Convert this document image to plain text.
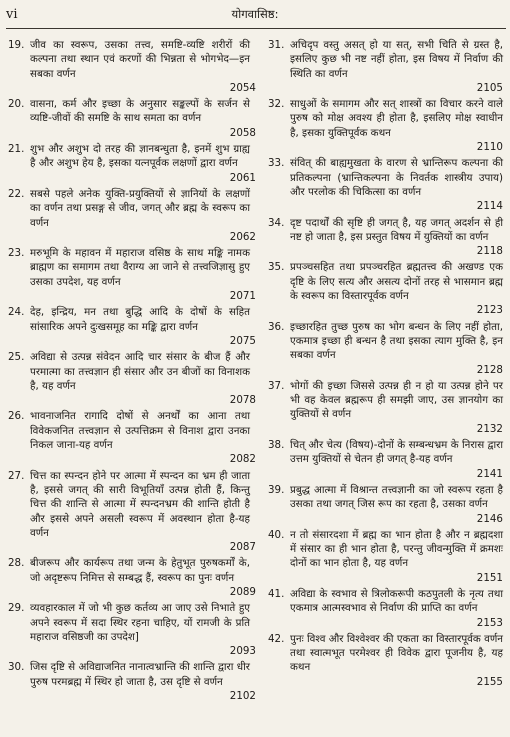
vi	योगवासिष्ठ:
19. जीव का स्वरूप, उसका तत्त्व, समष्टि-व्यष्टि शरीरों की कल्पना तथा स्थान एवं करणों की भिन्नता से भोगभेद—इन सबका वर्णन
2054
20. वासना, कर्म और इच्छा के अनुसार सङ्कल्पों के सर्जन से व्यष्टि-जीवों की समष्टि के साथ समता का वर्णन
2058
21. शुभ और अशुभ दो तरह की ज्ञानबन्धुता है, इनमें शुभ ग्राह्य है और अशुभ हेय है, इसका यत्नपूर्वक लक्षणों द्वारा वर्णन
2061
22. सबसे पहले अनेक युक्ति-प्रयुक्तियों से ज्ञानियों के लक्षणों का वर्णन तथा प्रसङ्ग से जीव, जगत् और ब्रह्म के स्वरूप का वर्णन
2062
23. मरुभूमि के महावन में महाराज वसिष्ठ के साथ मङ्कि नामक ब्राह्मण का समागम तथा वैराग्य आ जाने से तत्त्वजिज्ञासु हुए उसका उपदेश, यह वर्णन
2071
24. देह, इन्द्रिय, मन तथा बुद्धि आदि के दोषों के सहित सांसारिक अपने दुःखसमूह का मङ्कि द्वारा वर्णन
2075
25. अविद्या से उत्पन्न संवेदन आदि चार संसार के बीज हैं और परमात्मा का तत्त्वज्ञान ही संसार और उन बीजों का विनाशक है, यह वर्णन
2078
26. भावनाजनित रागादि दोषों से अनर्थों का आना तथा विवेकजनित तत्त्वज्ञान से उत्पत्तिक्रम से विनाश द्वारा उनका निकल जाना-यह वर्णन
2082
27. चित्त का स्पन्दन होने पर आत्मा में स्पन्दन का भ्रम ही जाता है, इससे जगत् की सारी विभूतियाँ उत्पन्न होती हैं, किन्तु चित्त की शान्ति से आत्मा में स्पन्दनभ्रम की शान्ति होती है और इससे अपने असली स्वरूप में अवस्थान होता है-यह वर्णन
2087
28. बीजरूप और कार्यरूप तथा जन्म के हेतुभूत पुरुषकर्मों के, जो अदृष्टरूप निमित्त से सम्बद्ध हैं, स्वरूप का पुनः वर्णन
2089
29. व्यवहारकाल में जो भी कुछ कर्तव्य आ जाए उसे निभाते हुए अपने स्वरूप में सदा स्थिर रहना चाहिए, यों रामजी के प्रति महाराज वसिष्ठजी का उपदेश]
2093
30. जिस दृष्टि से अविद्याजनित नानात्वभ्रान्ति की शान्ति द्वारा धीर पुरुष परमब्रह्म में स्थिर हो जाता है, उस दृष्टि से वर्णन
2102
31. अचिदृप वस्तु असत् हो या सत्, सभी चिति से ग्रस्त है, इसलिए कुछ भी नष्ट नहीं होता, इस विषय में निर्वाण की स्थिति का वर्णन
2105
32. साधुओं के समागम और सत् शास्त्रों का विचार करने वाले पुरुष को मोक्ष अवश्य ही होता है, इसलिए मोक्ष स्वाधीन है, इसका युक्तिपूर्वक कथन
2110
33. संवित् की बाह्यमुखता के वारण से भ्रान्तिरूप कल्पना की प्रतिकल्पना (भ्रान्तिकल्पना के निवर्तक शास्त्रीय उपाय) और परलोक की चिकित्सा का वर्णन
2114
34. दृष्ट पदार्थों की सृष्टि ही जगत् है, यह जगत् अदर्शन से ही नष्ट हो जाता है, इस प्रस्तुत विषय में युक्तियों का वर्णन
2118
35. प्रपञ्चसहित तथा प्रपञ्चरहित ब्रह्मतत्त्व की अखण्ड एक दृष्टि के लिए सत्य और असत्य दोनों तरह से भासमान ब्रह्म के स्वरूप का विस्तारपूर्वक वर्णन
2123
36. इच्छारहित तुच्छ पुरुष का भोग बन्धन के लिए नहीं होता, एकमात्र इच्छा ही बन्धन है तथा इसका त्याग मुक्ति है, इन सबका वर्णन
2128
37. भोगों की इच्छा जिससे उत्पन्न ही न हो या उत्पन्न होने पर भी वह केवल ब्रह्मरूप ही समझी जाए, उस ज्ञानयोग का युक्तियों से वर्णन
2132
38. चित् और चेत्य (विषय)-दोनों के सम्बन्धभ्रम के निरास द्वारा उत्तम युक्तियों से चेतन ही जगत् है-यह वर्णन
2141
39. प्रबुद्ध आत्मा में विश्रान्त तत्त्वज्ञानी का जो स्वरूप रहता है उसका तथा जगत् जिस रूप का रहता है, उसका वर्णन
2146
40. न तो संसारदशा में ब्रह्म का भान होता है और न ब्रह्मदशा में संसार का ही भान होता है, परन्तु जीवन्मुक्ति में क्रमशः दोनों का भान होता है, यह वर्णन
2151
41. अविद्या के स्वभाव से त्रिलोकरूपी कठपुतली के नृत्य तथा एकमात्र आत्मस्वभाव से निर्वाण की प्राप्ति का वर्णन
2153
42. पुनः विश्व और विश्वेश्वर की एकता का विस्तारपूर्वक वर्णन तथा स्वात्मभूत परमेश्वर ही विवेक द्वारा पूजनीय है, यह कथन
2155
